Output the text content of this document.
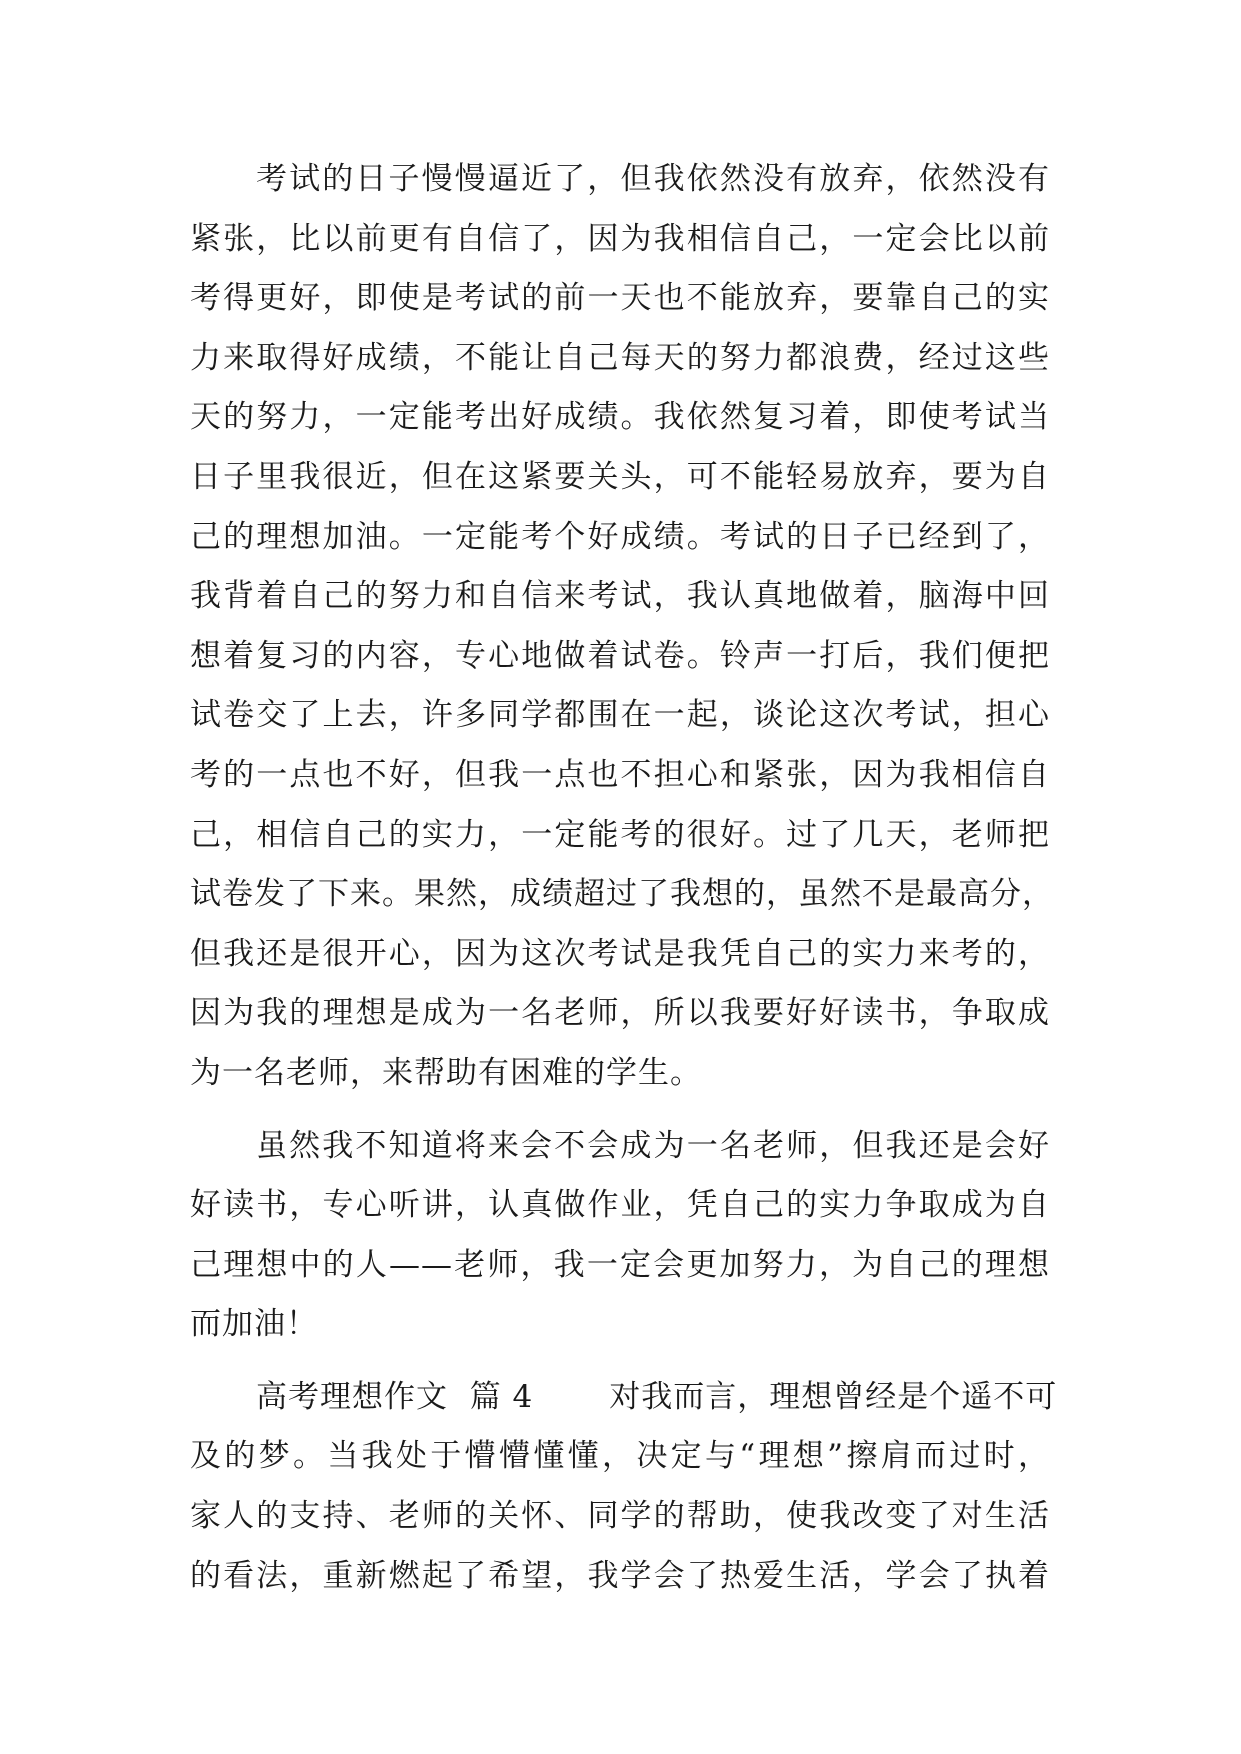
考试的日子慢慢逼近了，但我依然没有放弃，依然没有
紧张，比以前更有自信了，因为我相信自己，一定会比以前
考得更好，即使是考试的前一天也不能放弃，要靠自己的实
力来取得好成绩，不能让自己每天的努力都浪费，经过这些
天的努力，一定能考出好成绩。我依然复习着，即使考试当
日子里我很近，但在这紧要关头，可不能轻易放弃，要为自
己的理想加油。一定能考个好成绩。考试的日子已经到了，
我背着自己的努力和自信来考试，我认真地做着，脑海中回
想着复习的内容，专心地做着试卷。铃声一打后，我们便把
试卷交了上去，许多同学都围在一起，谈论这次考试，担心
考的一点也不好，但我一点也不担心和紧张，因为我相信自
己，相信自己的实力，一定能考的很好。过了几天，老师把
试卷发了下来。果然，成绩超过了我想的，虽然不是最高分，
但我还是很开心，因为这次考试是我凭自己的实力来考的，
因为我的理想是成为一名老师，所以我要好好读书，争取成
为一名老师，来帮助有困难的学生。
虽然我不知道将来会不会成为一名老师，但我还是会好
好读书，专心听讲，认真做作业，凭自己的实力争取成为自
己理想中的人——老师，我一定会更加努力，为自己的理想
而加油！
高考理想作文  篇 4       对我而言，理想曾经是个遥不可
及的梦。当我处于懵懵懂懂，决定与“理想”擦肩而过时，
家人的支持、老师的关怀、同学的帮助，使我改变了对生活
的看法，重新燃起了希望，我学会了热爱生活，学会了执着
